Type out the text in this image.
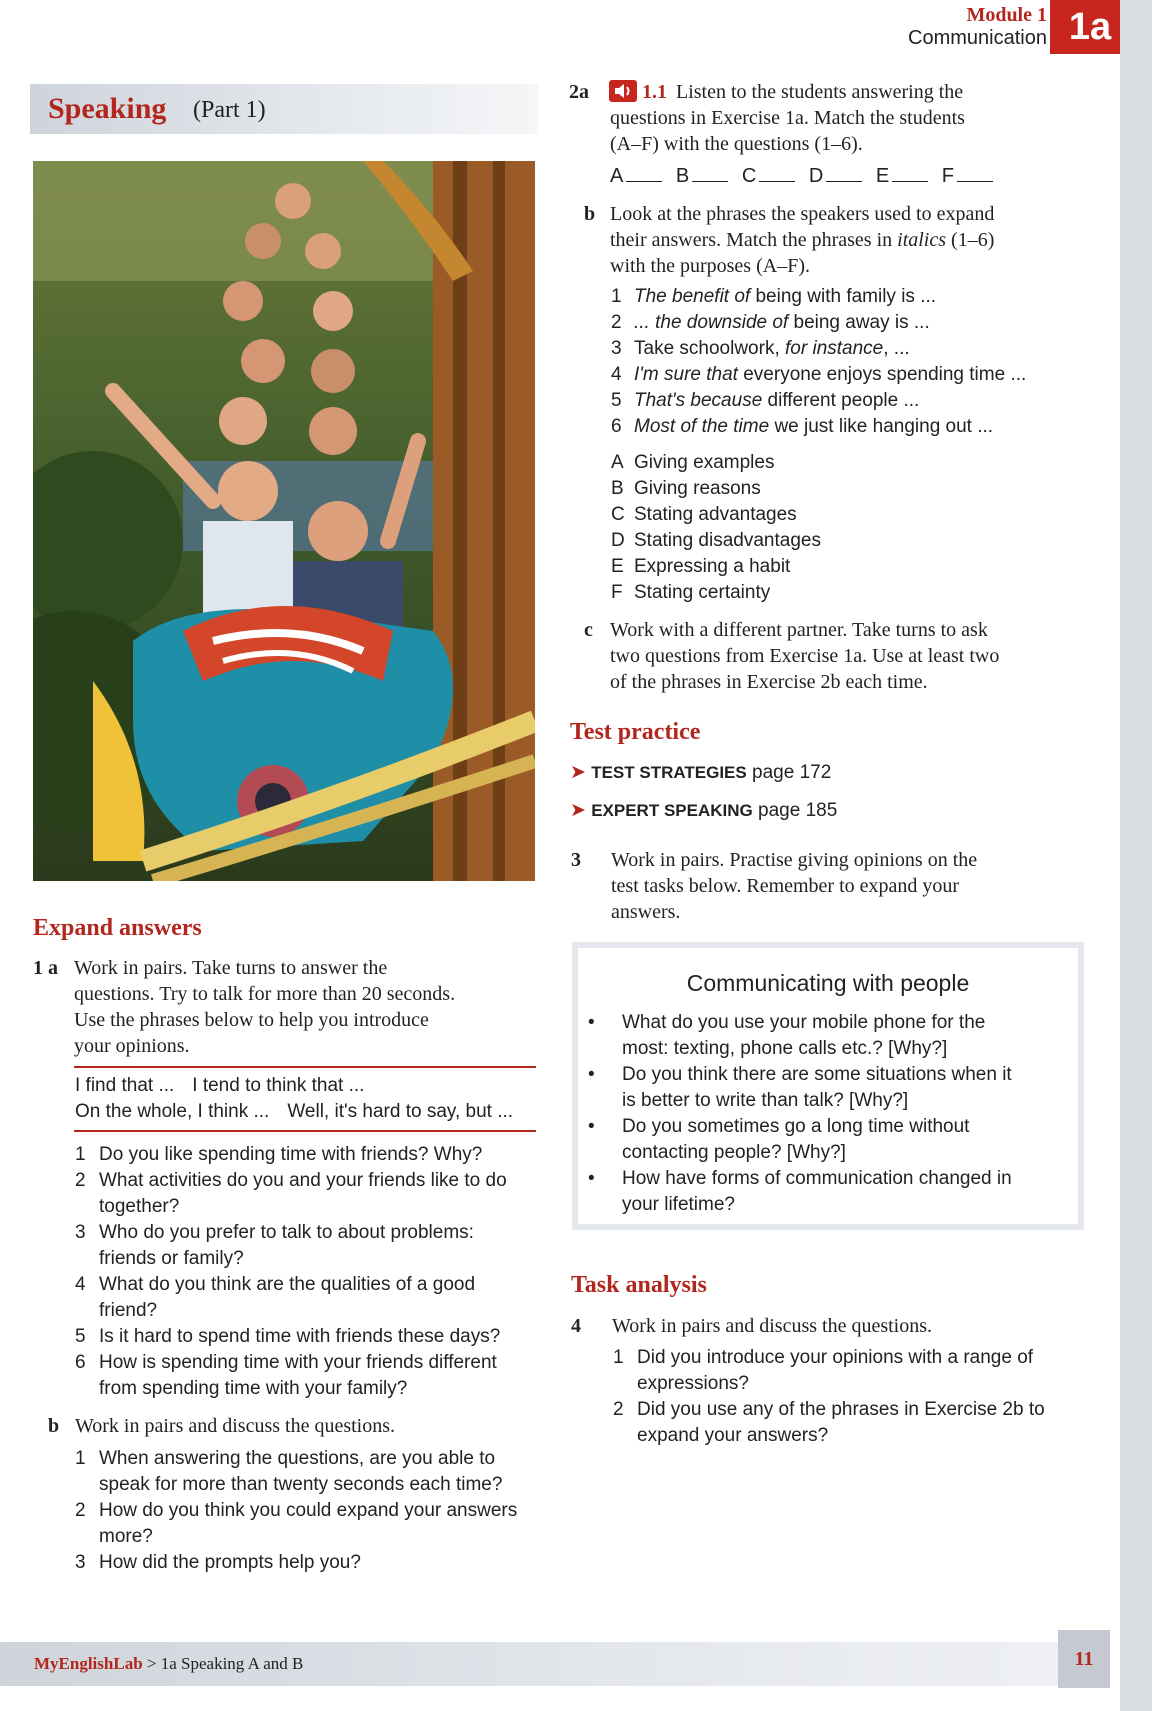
Module 1
Communication 1a
Speaking (Part 1)
Expand answers
1 a Work in pairs. Take turns to answer the
questions. Try to talk for more than 20 seconds.
Use the phrases below to help you introduce
your opinions.
I find that ... I tend to think that ...
On the whole, I think ... Well, it's hard to say, but ...
1 Do you like spending time with friends? Why?
2 What activities do you and your friends like to do
together?
3 Who do you prefer to talk to about problems:
friends or family?
4 What do you think are the qualities of a good
friend?
5 Is it hard to spend time with friends these days?
6 How is spending time with your friends different
from spending time with your family?
b Work in pairs and discuss the questions.
1 When answering the questions, are you able to
speak for more than twenty seconds each time?
2 How do you think you could expand your answers
more?
3 How did the prompts help you?
2a	1.1 Listen to the students answering the
questions in Exercise 1a. Match the students
(A–F) with the questions (1–6).
A	B	C	D	E	F
b Look at the phrases the speakers used to expand
their answers. Match the phrases in italics (1–6)
with the purposes (A–F).
1 The benefit of being with family is ...
2 ... the downside of being away is ...
3 Take schoolwork, for instance, ...
4 I'm sure that everyone enjoys spending time ...
5 That's because different people ...
6 Most of the time we just like hanging out ...
A Giving examples
B Giving reasons
C Stating advantages
D Stating disadvantages
E Expressing a habit
F Stating certainty
c Work with a different partner. Take turns to ask
two questions from Exercise 1a. Use at least two
of the phrases in Exercise 2b each time.
Test practice
➤ TEST STRATEGIES page 172
➤ EXPERT SPEAKING page 185
3 Work in pairs. Practise giving opinions on the
test tasks below. Remember to expand your
answers.
Communicating with people
• What do you use your mobile phone for the
most: texting, phone calls etc.? [Why?]
• Do you think there are some situations when it
is better to write than talk? [Why?]
• Do you sometimes go a long time without
contacting people? [Why?]
• How have forms of communication changed in
your lifetime?
Task analysis
4 Work in pairs and discuss the questions.
1 Did you introduce your opinions with a range of
expressions?
2 Did you use any of the phrases in Exercise 2b to
expand your answers?
MyEnglishLab > 1a Speaking A and B	11
